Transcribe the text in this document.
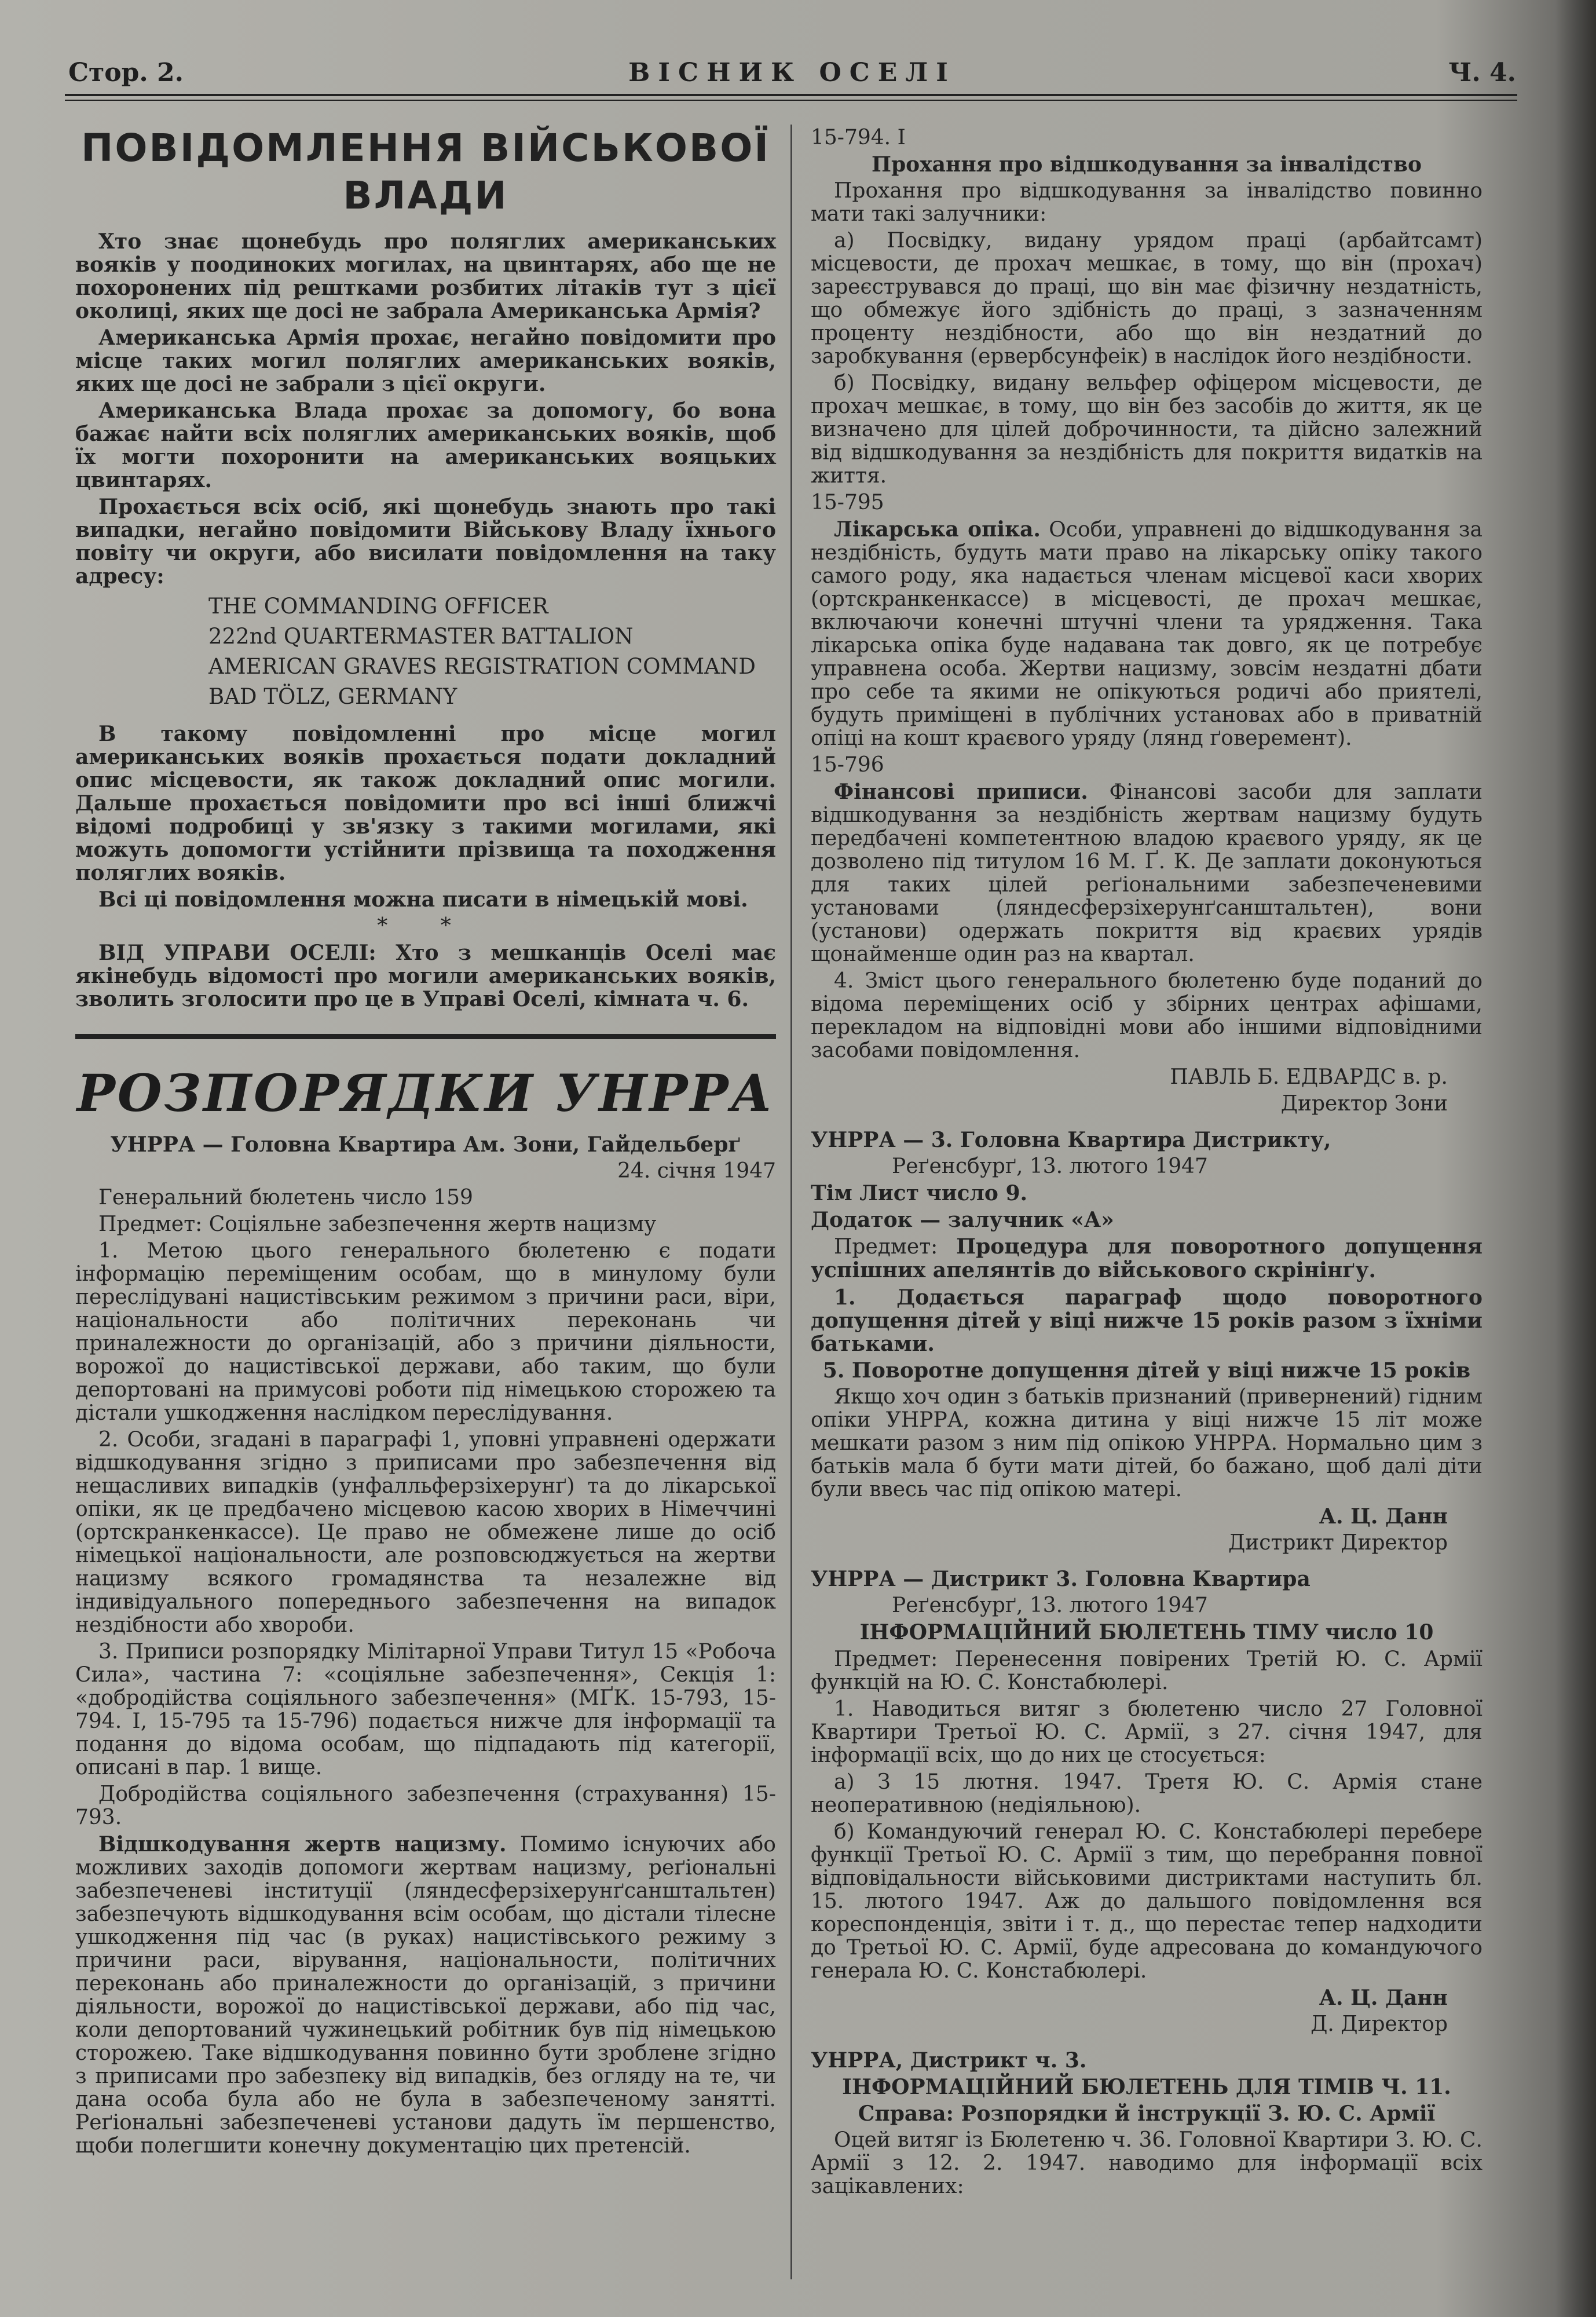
Стор. 2.	ВІСНИК ОСЕЛІ	Ч. 4.
ПОВІДОМЛЕННЯ ВІЙСЬКОВОЇ ВЛАДИ

Хто знає щонебудь про поляглих американських вояків у поодиноких могилах, на цвинтарях, або ще не похоронених під рештками розбитих літаків тут з цієї околиці, яких ще досі не забрала Американська Армія?

Американська Армія прохає, негайно повідомити про місце таких могил поляглих американських вояків, яких ще досі не забрали з цієї округи.

Американська Влада прохає за допомогу, бо вона бажає найти всіх поляглих американських вояків, щоб їх могти похоронити на американських вояцьких цвинтарях.

Прохається всіх осіб, які щонебудь знають про такі випадки, негайно повідомити Військову Владу їхнього повіту чи округи, або висилати повідомлення на таку адресу:

THE COMMANDING OFFICER
222nd QUARTERMASTER BATTALION
AMERICAN GRAVES REGISTRATION COMMAND
BAD TÖLZ, GERMANY

В такому повідомленні про місце могил американських вояків прохається подати докладний опис місцевости, як також докладний опис могили. Дальше прохається повідомити про всі інші ближчі відомі подробиці у зв'язку з такими могилами, які можуть допомогти устійнити прізвища та походження поляглих вояків.

Всі ці повідомлення можна писати в німецькій мові.

* *

ВІД УПРАВИ ОСЕЛІ: Хто з мешканців Оселі має якінебудь відомості про могили американських вояків, зволить зголосити про це в Управі Оселі, кімната ч. 6.

РОЗПОРЯДКИ УНРРА

УНРРА — Головна Квартира Ам. Зони, Гайдельберґ

24. січня 1947

Генеральний бюлетень число 159

Предмет: Соціяльне забезпечення жертв нацизму

1. Метою цього генерального бюлетеню є подати інформацію переміщеним особам, що в минулому були переслідувані нацистівським режимом з причини раси, віри, національности або політичних переконань чи приналежности до організацій, або з причини діяльности, ворожої до нацистівської держави, або таким, що були депортовані на примусові роботи під німецькою сторожею та дістали ушкодження наслідком переслідування.

2. Особи, згадані в параграфі 1, уповні управнені одержати відшкодування згідно з приписами про забезпечення від нещасливих випадків (унфалльферзіхерунґ) та до лікарської опіки, як це предбачено місцевою касою хворих в Німеччині (ортскранкенкассе). Це право не обмежене лише до осіб німецької національности, але розповсюджується на жертви нацизму всякого громадянства та незалежне від індивідуального попереднього забезпечення на випадок нездібности або хвороби.

3. Приписи розпорядку Мілітарної Управи Титул 15 «Робоча Сила», частина 7: «соціяльне забезпечення», Секція 1: «добродійства соціяльного забезпечення» (МҐК. 15-793, 15-794. I, 15-795 та 15-796) подається нижче для інформації та подання до відома особам, що підпадають під категорії, описані в пар. 1 вище.

Добродійства соціяльного забезпечення (страхування) 15-793.

Відшкодування жертв нацизму. Помимо існуючих або можливих заходів допомоги жертвам нацизму, реґіональні забезпеченеві інституції (ляндесферзіхерунґсанштальтен) забезпечують відшкодування всім особам, що дістали тілесне ушкодження під час (в руках) нацистівського режиму з причини раси, вірування, національности, політичних переконань або приналежности до організацій, з причини діяльности, ворожої до нацистівської держави, або під час, коли депортований чужинецький робітник був під німецькою сторожею. Таке відшкодування повинно бути зроблене згідно з приписами про забезпеку від випадків, без огляду на те, чи дана особа була або не була в забезпеченому занятті. Реґіональні забезпеченеві установи дадуть їм першенство, щоби полегшити конечну документацію цих претенсій.

15-794. I

Прохання про відшкодування за інвалідство

Прохання про відшкодування за інвалідство повинно мати такі залучники:

а) Посвідку, видану урядом праці (арбайтсамт) місцевости, де прохач мешкає, в тому, що він (прохач) зареєструвався до праці, що він має фізичну нездатність, що обмежує його здібність до праці, з зазначенням проценту нездібности, або що він нездатний до заробкування (ервербсунфеік) в наслідок його нездібности.

б) Посвідку, видану вельфер офіцером місцевости, де прохач мешкає, в тому, що він без засобів до життя, як це визначено для цілей доброчинности, та дійсно залежний від відшкодування за нездібність для покриття видатків на життя.

15-795

Лікарська опіка. Особи, управнені до відшкодування за нездібність, будуть мати право на лікарську опіку такого самого роду, яка надається членам місцевої каси хворих (ортскранкенкассе) в місцевості, де прохач мешкає, включаючи конечні штучні члени та урядження. Така лікарська опіка буде надавана так довго, як це потребує управнена особа. Жертви нацизму, зовсім нездатні дбати про себе та якими не опікуються родичі або приятелі, будуть приміщені в публічних установах або в приватній опіці на кошт краєвого уряду (лянд ґоверемент).

15-796

Фінансові приписи. Фінансові засоби для заплати відшкодування за нездібність жертвам нацизму будуть передбачені компетентною владою краєвого уряду, як це дозволено під титулом 16 М. Ґ. К. Де заплати доконуються для таких цілей реґіональними забезпеченевими установами (ляндесферзіхерунґсанштальтен), вони (установи) одержать покриття від краєвих урядів щонайменше один раз на квартал.

4. Зміст цього генерального бюлетеню буде поданий до відома переміщених осіб у збірних центрах афішами, перекладом на відповідні мови або іншими відповідними засобами повідомлення.

ПАВЛЬ Б. ЕДВАРДС в. р.

Директор Зони

УНРРА — 3. Головна Квартира Дистрикту,

Реґенсбурґ, 13. лютого 1947

Тім Лист число 9.

Додаток — залучник «А»

Предмет: Процедура для поворотного допущення успішних апелянтів до військового скрінінґу.

1. Додається параграф щодо поворотного допущення дітей у віці нижче 15 років разом з їхніми батьками.

5. Поворотне допущення дітей у віці нижче 15 років

Якщо хоч один з батьків признаний (привернений) гідним опіки УНРРА, кожна дитина у віці нижче 15 літ може мешкати разом з ним під опікою УНРРА. Нормально цим з батьків мала б бути мати дітей, бо бажано, щоб далі діти були ввесь час під опікою матері.

А. Ц. Данн

Дистрикт Директор

УНРРА — Дистрикт 3. Головна Квартира

Реґенсбурґ, 13. лютого 1947

ІНФОРМАЦІЙНИЙ БЮЛЕТЕНЬ ТІМУ число 10

Предмет: Перенесення повірених Третій Ю. С. Армії функцій на Ю. С. Констабюлері.

1. Наводиться витяг з бюлетеню число 27 Головної Квартири Третьої Ю. С. Армії, з 27. січня 1947, для інформації всіх, що до них це стосується:

а) З 15 лютня. 1947. Третя Ю. С. Армія стане неоперативною (недіяльною).

б) Командуючий генерал Ю. С. Констабюлері перебере функції Третьої Ю. С. Армії з тим, що перебрання повної відповідальности військовими дистриктами наступить бл. 15. лютого 1947. Аж до дальшого повідомлення вся кореспонденція, звіти і т. д., що перестає тепер надходити до Третьої Ю. С. Армії, буде адресована до командуючого генерала Ю. С. Констабюлері.

А. Ц. Данн

Д. Директор

УНРРА, Дистрикт ч. 3.

ІНФОРМАЦІЙНИЙ БЮЛЕТЕНЬ ДЛЯ ТІМІВ Ч. 11.

Справа: Розпорядки й інструкції З. Ю. С. Армії

Оцей витяг із Бюлетеню ч. 36. Головної Квартири З. Ю. С. Армії з 12. 2. 1947. наводимо для інформації всіх зацікавлених:
